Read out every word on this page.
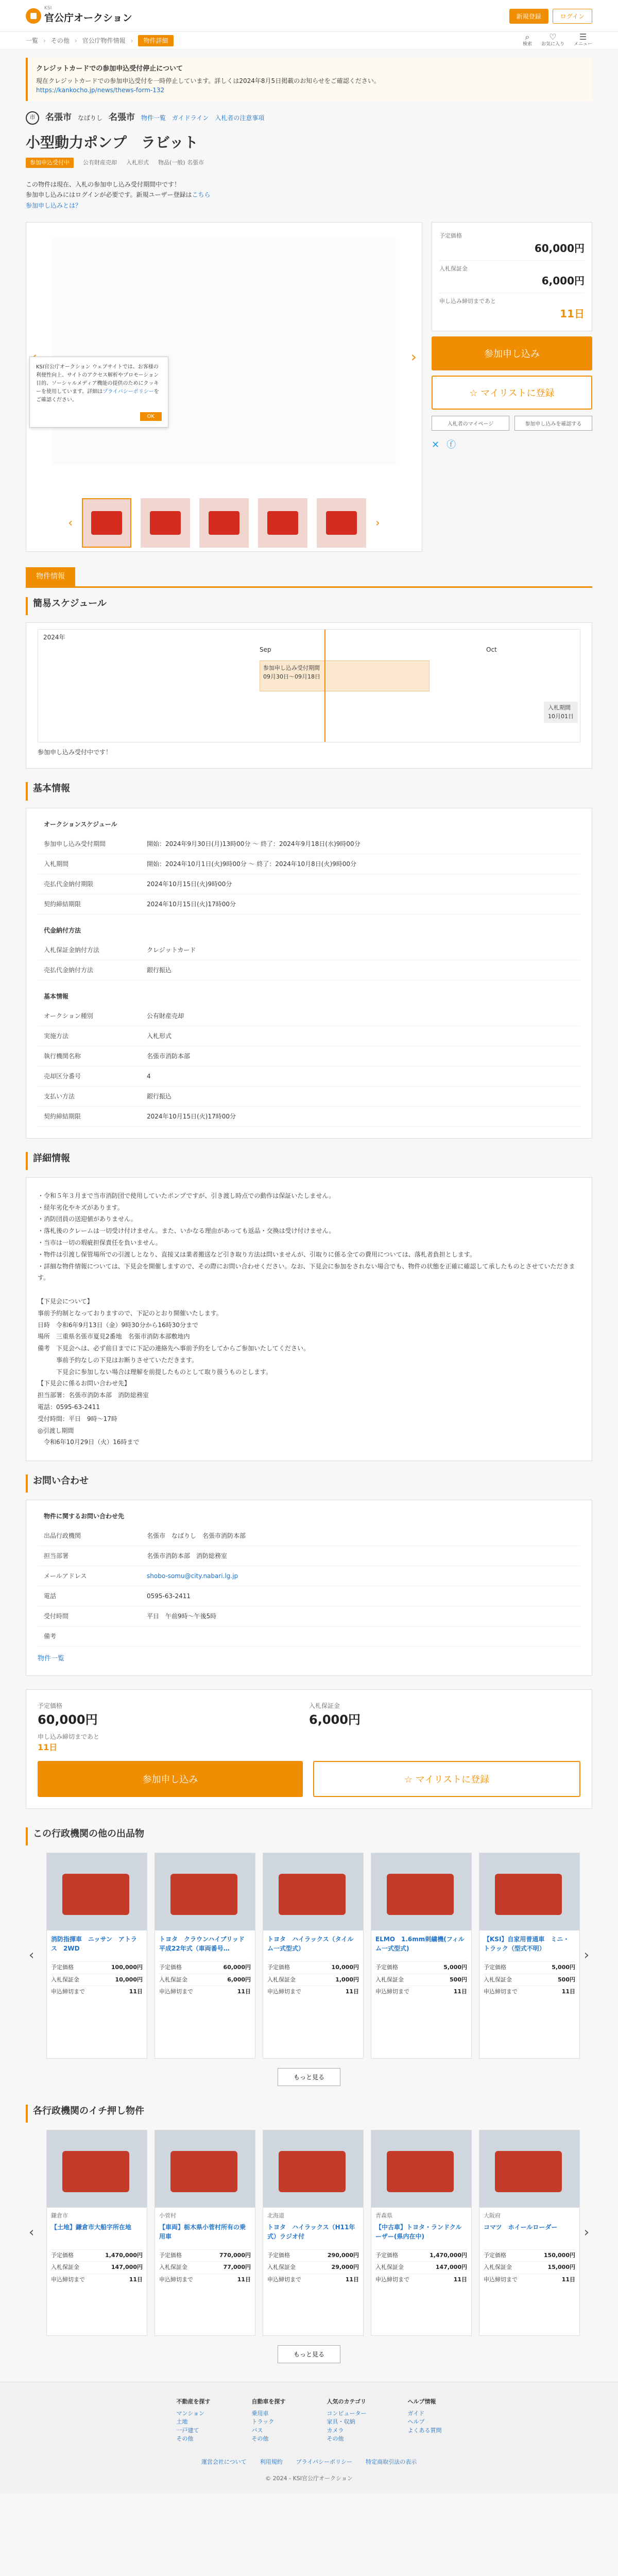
KSI
官公庁オークション	新規登録	ログイン
一覧 › その他 › 官公庁物件情報 ›	物件詳細	⌕
検索
♡
お気に入り
☰
メニュー
クレジットカードでの参加申込受付停止について
現在クレジットカードでの参加申込受付を一時停止しています。詳しくは2024年8月5日掲載のお知らせをご確認ください。
https://kankocho.jp/news/thews-form-132
市	名張市 なばりし 名張市 物件一覧 ガイドライン 入札者の注意事項
小型動力ポンプ　ラビット
参加申込受付中	公有財産売却 入札形式 物品(一般) 名張市
この物件は現在、入札の参加申し込み受付期間中です！
参加申し込みにはログインが必要です。新規ユーザー登録はこちら
参加申し込みとは？
›
KSI官公庁オークション ウェブサイトでは、お客様の利便性向上、サイトのアクセス解析やプロモーション目的、ソーシャルメディア機能の提供のためにクッキーを使用しています。詳細はプライバシーポリシーをご確認ください。

OK
‹	›
予定価格
60,000円
入札保証金
6,000円
申し込み締切まであと
11日
参加申し込み
☆ マイリストに登録
入札者のマイページ	参加申し込みを確認する
✕ ⓕ
物件情報
簡易スケジュール
2024年
Sep	Oct
参加申し込み受付期間
09月30日～09月18日
入札期間
10月01日
参加申し込み受付中です！
基本情報
オークションスケジュール	
参加申し込み受付期間	開始：2024年9月30日(月)13時00分 ～ 終了：2024年9月18日(水)9時00分
入札期間	開始：2024年10月1日(火)9時00分 ～ 終了：2024年10月8日(火)9時00分
売払代金納付期限	2024年10月15日(火)9時00分
契約締結期限	2024年10月15日(火)17時00分
代金納付方法	
入札保証金納付方法	クレジットカード
売払代金納付方法	銀行振込
基本情報	
オークション種別	公有財産売却
実施方法	入札形式
執行機関名称	名張市消防本部
売却区分番号	4
支払い方法	銀行振込
契約締結期限	2024年10月15日(火)17時00分
詳細情報
・令和５年３月まで当市消防団で使用していたポンプですが、引き渡し時点での動作は保証いたしません。
・経年劣化やキズがあります。
・消防団員の送迎値がありません。
・落札後のクレームは一切受け付けません。また、いかなる理由があっても返品・交換は受け付けません。
・当市は一切の瑕疵担保責任を負いません。
・物件は引渡し保管場所での引渡しとなり、直接又は業者搬送など引き取り方法は問いませんが、引取りに係る全ての費用については、落札者負担とします。
・詳細な物件情報については、下見会を開催しますので、その際にお問い合わせください。なお、下見会に参加をされない場合でも、物件の状態を正確に確認して承したものとさせていただきます。

【下見会について】
事前予約制となっておりますので、下記のとおり開催いたします。
日時　令和6年9月13日（金）9時30分から16時30分まで
場所　三重県名張市夏見2番地　名張市消防本部敷地内
備考　下見会へは、必ず前日までに下記の連絡先へ事前予約をしてからご参加いたしてください。
　　　事前予約なしの下見はお断りさせていただきます。
　　　下見会に参加しない場合は理解を前提したものとして取り扱うものとします。
【下見会に係るお問い合わせ先】
担当部署：名張市消防本部　消防総務室
電話：0595-63-2411
受付時間：平日　9時～17時
◎引渡し期間
　令和6年10月29日（火）16時まで
お問い合わせ
物件に関するお問い合わせ先	
出品行政機関	名張市　なばりし　名張市消防本部
担当部署	名張市消防本部　消防総務室
メールアドレス	shobo-somu@city.nabari.lg.jp
電話	0595-63-2411
受付時間	平日　午前9時～午後5時
備考	
物件一覧
予定価格
60,000円
入札保証金
6,000円
申し込み締切まであと
11日
参加申し込み	☆ マイリストに登録
この行政機関の他の出品物
‹
消防指揮車　ニッサン　アトラス　2WD
予定価格	100,000円
入札保証金	10,000円
申込締切まで	11日
トヨタ　クラウンハイブリッド　平成22年式（車両番号…
予定価格	60,000円
入札保証金	6,000円
申込締切まで	11日
トヨタ　ハイラックス（タイルム一式型式）
予定価格	10,000円
入札保証金	1,000円
申込締切まで	11日
ELMO　1.6mm刺繍機(フィルム一式型式)
予定価格	5,000円
入札保証金	500円
申込締切まで	11日
【KSI】自家用普通車　ミニ・トラック（型式不明）
予定価格	5,000円
入札保証金	500円
申込締切まで	11日
›
もっと見る
各行政機関のイチ押し物件
‹
鎌倉市
【土地】鎌倉市大船字所在地
予定価格	1,470,000円
入札保証金	147,000円
申込締切まで	11日
小菅村
【車両】栃木県小菅村所有の乗用車
予定価格	770,000円
入札保証金	77,000円
申込締切まで	11日
北海道
トヨタ　ハイラックス（H11年式）ラジオ付
予定価格	290,000円
入札保証金	29,000円
申込締切まで	11日
青森県
【中古車】トヨタ・ランドクルーザー(県内在中)
予定価格	1,470,000円
入札保証金	147,000円
申込締切まで	11日
大阪府
コマツ　ホイールローダー
予定価格	150,000円
入札保証金	15,000円
申込締切まで	11日
›
もっと見る
不動産を探す
マンション
土地
一戸建て
その他
自動車を探す
乗用車
トラック
バス
その他
人気のカテゴリ
コンピューター
家具・収納
カメラ
その他
ヘルプ情報
ガイド
ヘルプ
よくある質問
運営会社について 利用規約 プライバシーポリシー 特定商取引法の表示
© 2024 - KSI官公庁オークション
